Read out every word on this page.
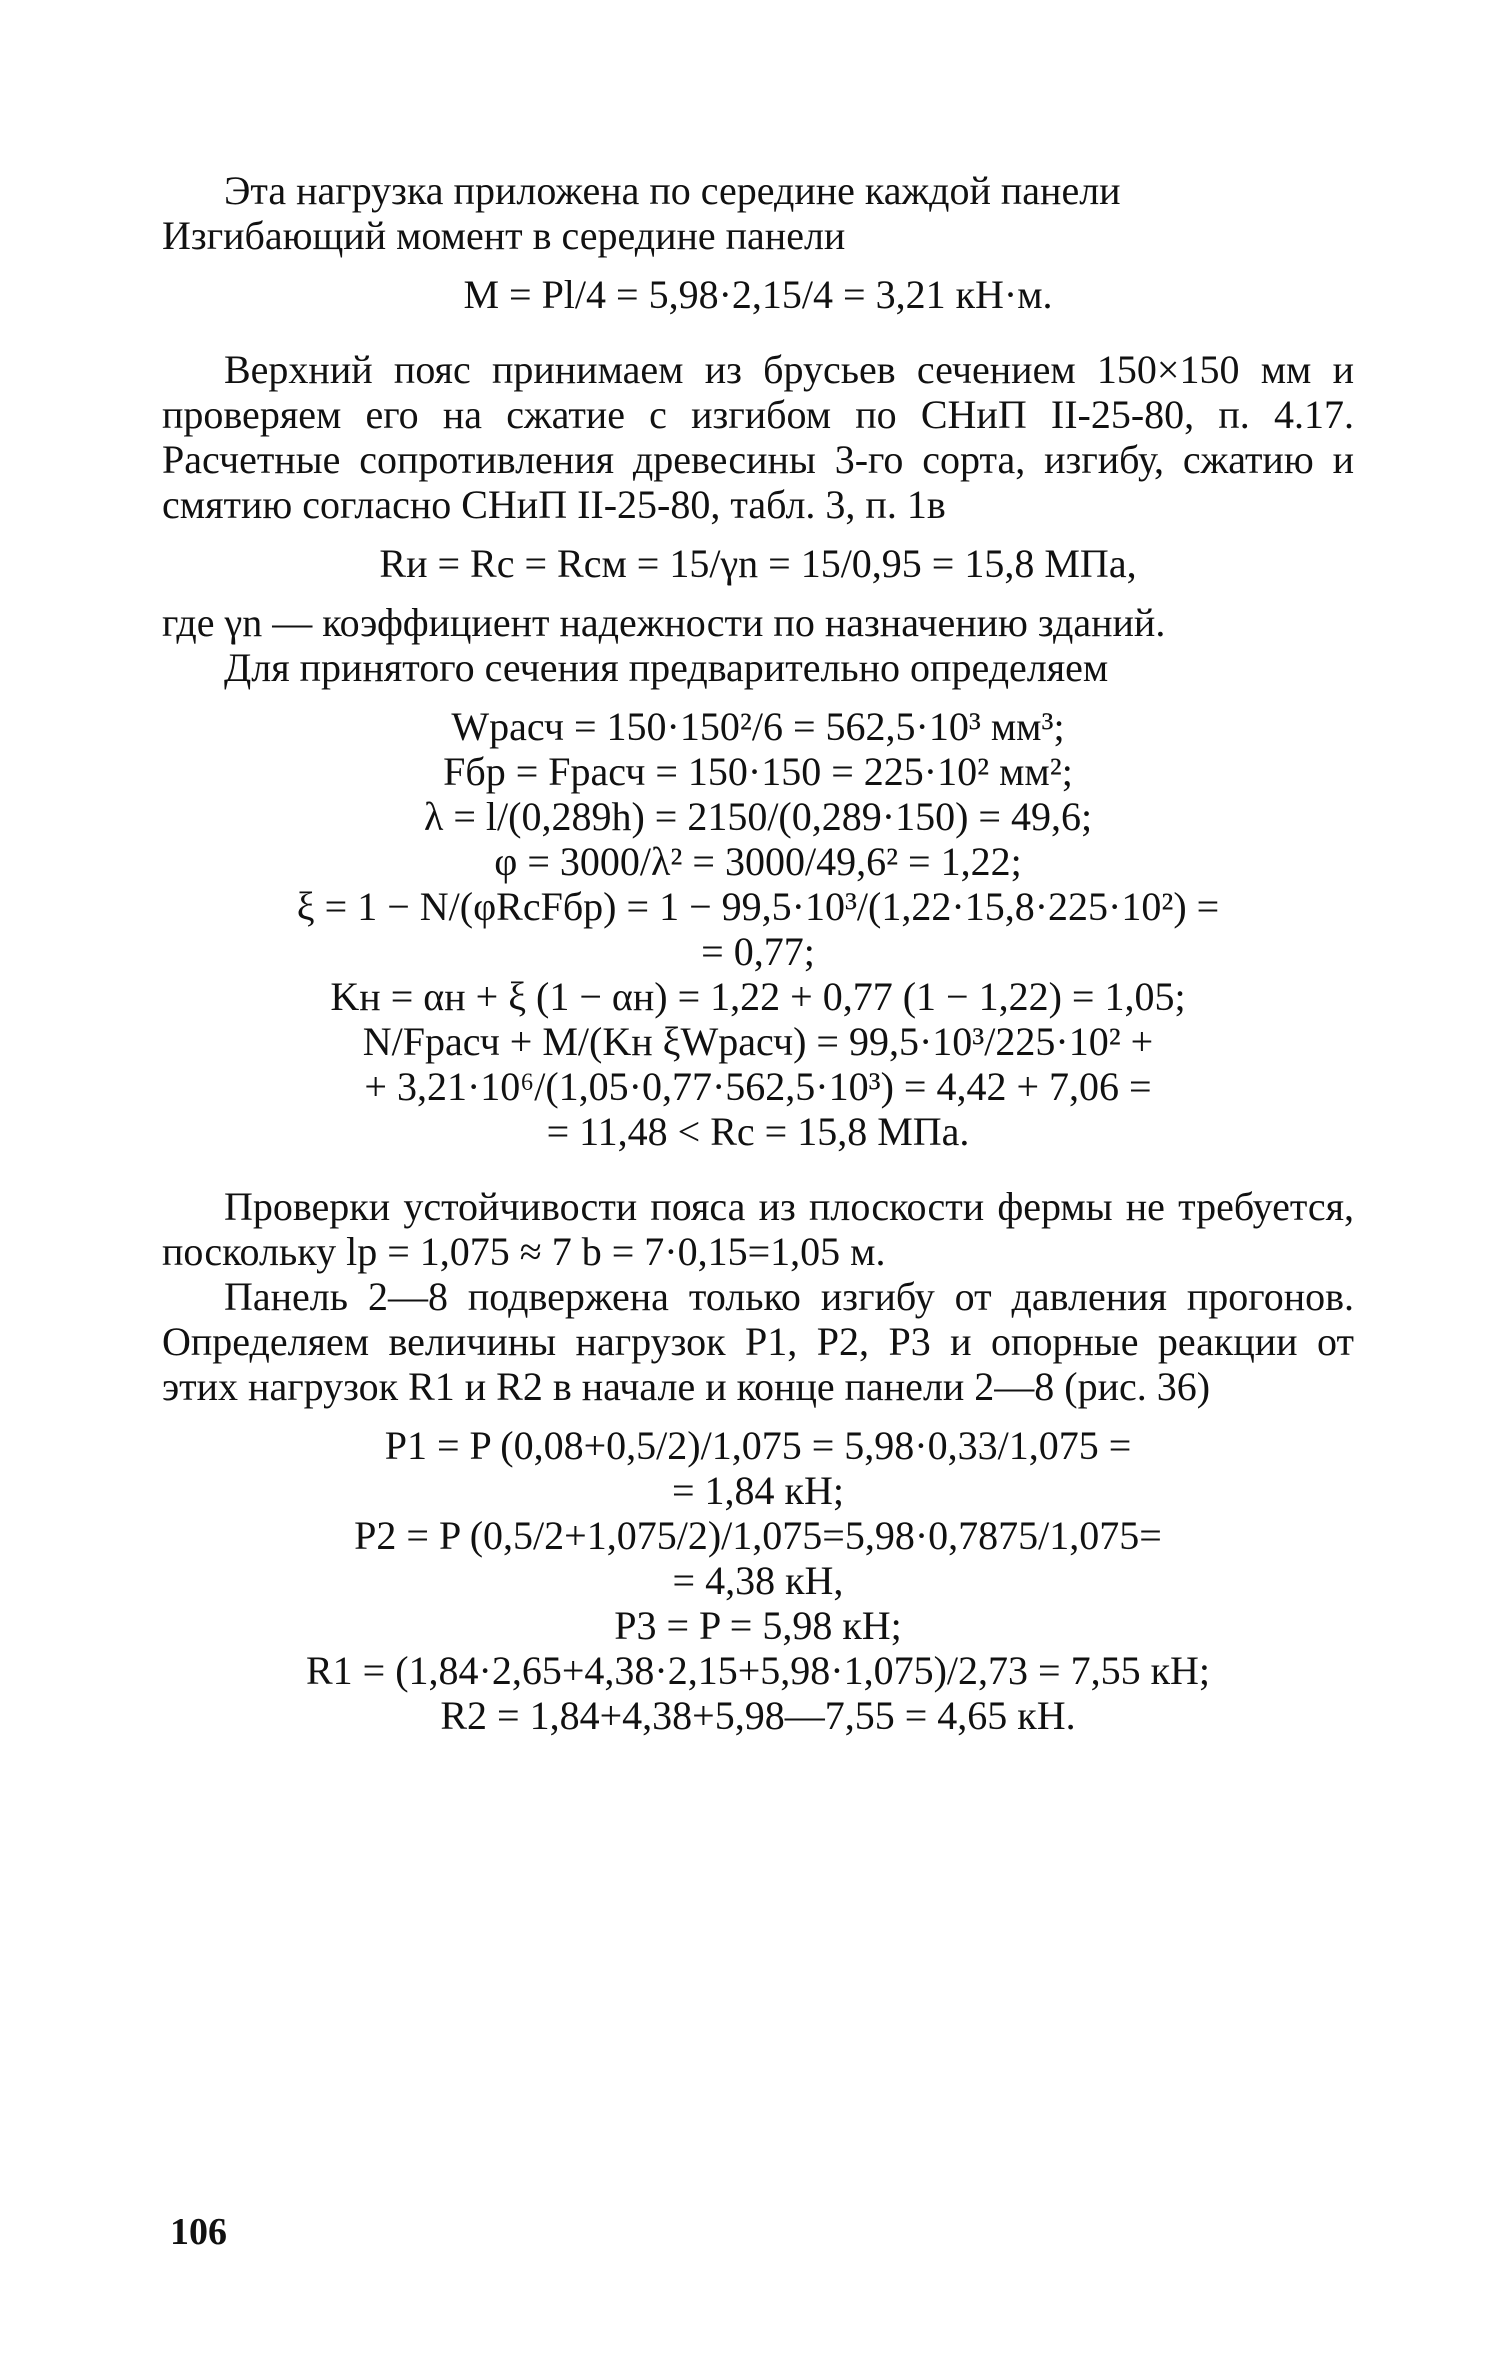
Эта нагрузка приложена по середине каждой панели

Изгибающий момент в середине панели

M = Pl/4 = 5,98·2,15/4 = 3,21 кН·м.

Верхний пояс принимаем из брусьев сечением 150×150 мм и проверяем его на сжатие с изгибом по СНиП II-25-80, п. 4.17. Расчетные сопротивления древесины 3-го сорта, изгибу, сжатию и смятию согласно СНиП II-25-80, табл. 3, п. 1в

Rи = Rс = Rсм = 15/γn = 15/0,95 = 15,8 МПа,

где γn — коэффициент надежности по назначению зданий.

Для принятого сечения предварительно определяем

Wрасч = 150·150²/6 = 562,5·10³ мм³;
Fбр = Fрасч = 150·150 = 225·10² мм²;
λ = l/(0,289h) = 2150/(0,289·150) = 49,6;
φ = 3000/λ² = 3000/49,6² = 1,22;
ξ = 1 − N/(φRсFбр) = 1 − 99,5·10³/(1,22·15,8·225·10²) =
= 0,77;
Kн = αн + ξ (1 − αн) = 1,22 + 0,77 (1 − 1,22) = 1,05;
N/Fрасч + M/(Kн ξWрасч) = 99,5·10³/225·10² +
+ 3,21·10⁶/(1,05·0,77·562,5·10³) = 4,42 + 7,06 =
= 11,48 < Rс = 15,8 МПа.

Проверки устойчивости пояса из плоскости фермы не требуется, поскольку lр = 1,075 ≈ 7 b = 7·0,15=1,05 м.

Панель 2—8 подвержена только изгибу от давления прогонов. Определяем величины нагрузок P1, P2, P3 и опорные реакции от этих нагрузок R1 и R2 в начале и конце панели 2—8 (рис. 36)

P1 = P (0,08+0,5/2)/1,075 = 5,98·0,33/1,075 =
= 1,84 кН;
P2 = P (0,5/2+1,075/2)/1,075=5,98·0,7875/1,075=
= 4,38 кН,
P3 = P = 5,98 кН;
R1 = (1,84·2,65+4,38·2,15+5,98·1,075)/2,73 = 7,55 кН;
R2 = 1,84+4,38+5,98—7,55 = 4,65 кН.
106
